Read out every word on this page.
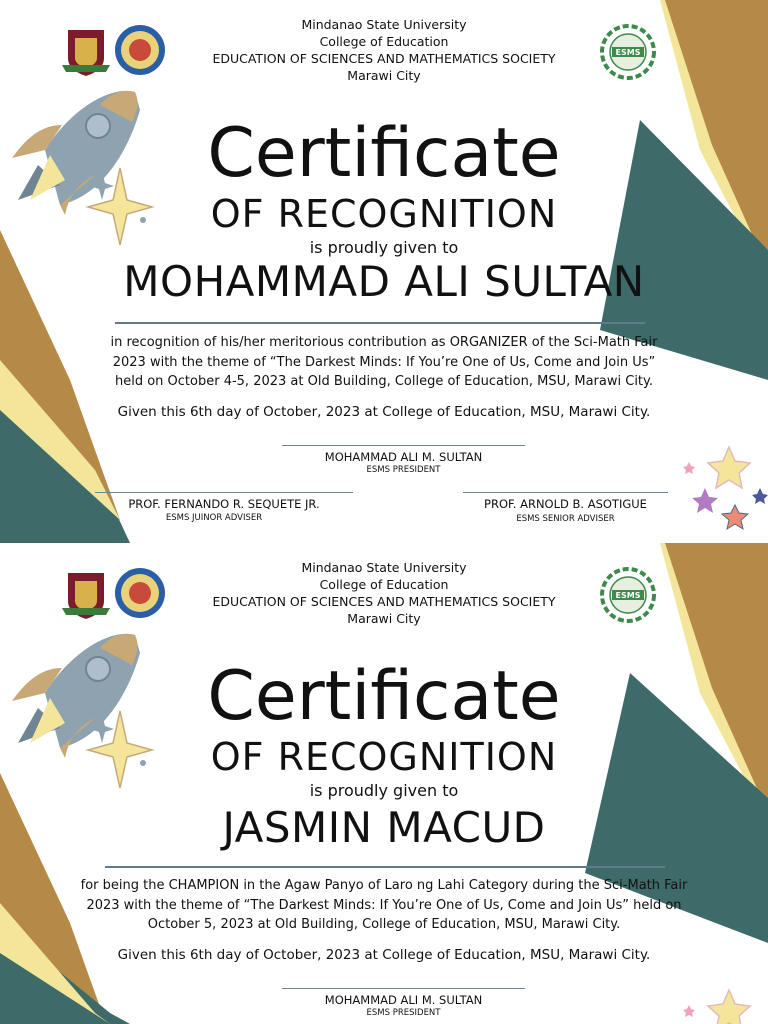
ESMS
Mindanao State University
College of Education
EDUCATION OF SCIENCES AND MATHEMATICS SOCIETY
Marawi City
Certificate
OF RECOGNITION
is proudly given to
MOHAMMAD ALI SULTAN
in recognition of his/her meritorious contribution as ORGANIZER of the Sci-Math Fair
2023 with the theme of “The Darkest Minds: If You’re One of Us, Come and Join Us”
held on October 4-5, 2023 at Old Building, College of Education, MSU, Marawi City.
Given this 6th day of October, 2023 at College of Education, MSU, Marawi City.
MOHAMMAD ALI M. SULTAN
ESMS PRESIDENT
PROF. FERNANDO R. SEQUETE JR.
ESMS JUINOR ADVISER
PROF. ARNOLD B. ASOTIGUE
ESMS SENIOR ADVISER
ESMS
Mindanao State University
College of Education
EDUCATION OF SCIENCES AND MATHEMATICS SOCIETY
Marawi City
Certificate
OF RECOGNITION
is proudly given to
JASMIN MACUD
for being the CHAMPION in the Agaw Panyo of Laro ng Lahi Category during the Sci-Math Fair
2023 with the theme of “The Darkest Minds: If You’re One of Us, Come and Join Us” held on
October 5, 2023 at Old Building, College of Education, MSU, Marawi City.
Given this 6th day of October, 2023 at College of Education, MSU, Marawi City.
MOHAMMAD ALI M. SULTAN
ESMS PRESIDENT
